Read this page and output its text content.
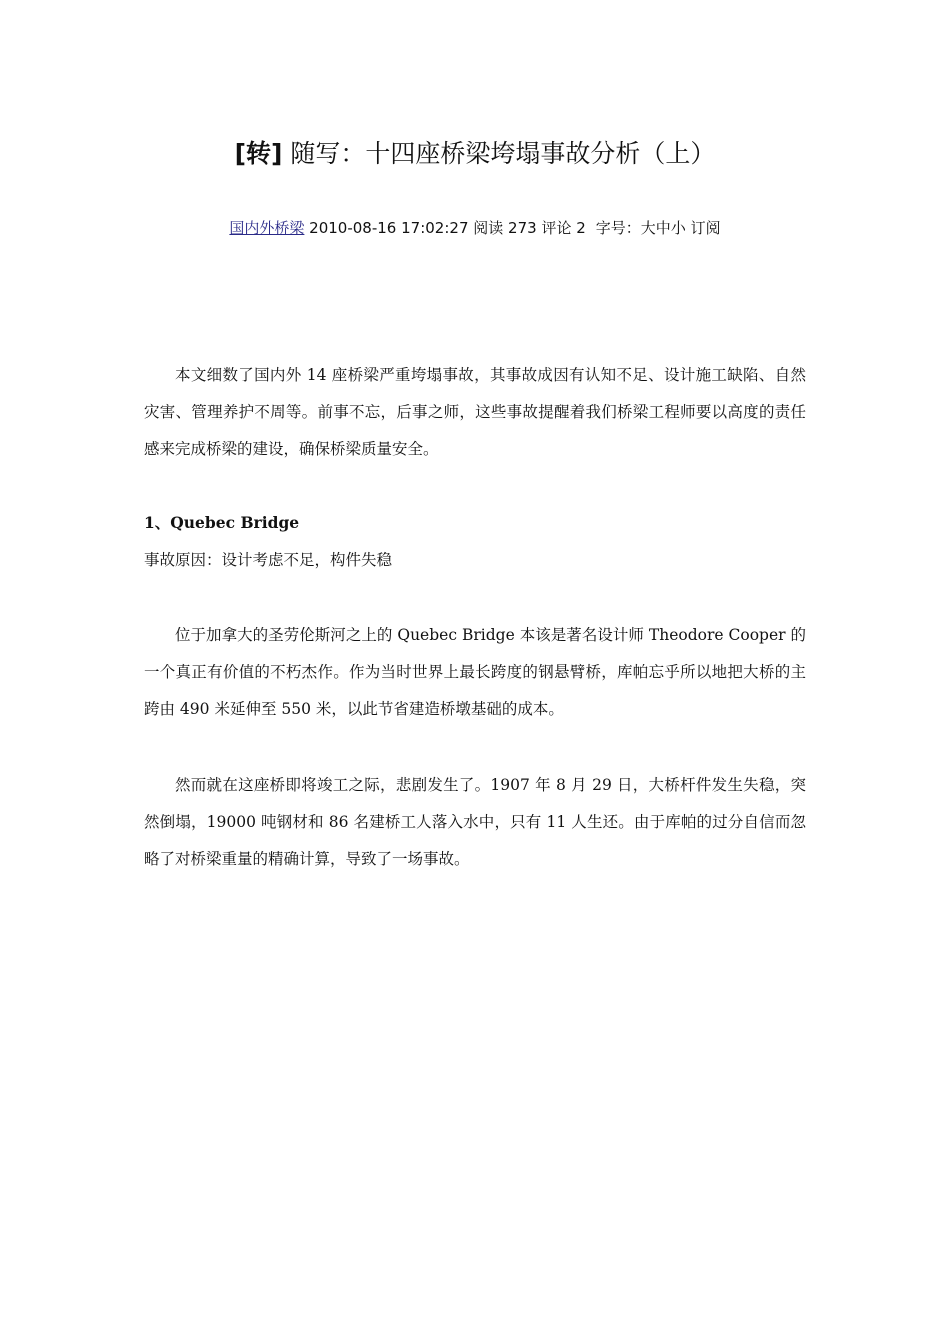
[转] 随写：十四座桥梁垮塌事故分析（上）
国内外桥梁 2010-08-16 17:02:27 阅读 273 评论 2 字号：大中小 订阅

本文细数了国内外 14 座桥梁严重垮塌事故，其事故成因有认知不足、设计施工缺陷、自然灾害、管理养护不周等。前事不忘，后事之师，这些事故提醒着我们桥梁工程师要以高度的责任感来完成桥梁的建设，确保桥梁质量安全。

1、Quebec Bridge
事故原因：设计考虑不足，构件失稳

位于加拿大的圣劳伦斯河之上的 Quebec Bridge 本该是著名设计师 Theodore Cooper 的一个真正有价值的不朽杰作。作为当时世界上最长跨度的钢悬臂桥，库帕忘乎所以地把大桥的主跨由 490 米延伸至 550 米，以此节省建造桥墩基础的成本。

然而就在这座桥即将竣工之际，悲剧发生了。1907 年 8 月 29 日，大桥杆件发生失稳，突然倒塌，19000 吨钢材和 86 名建桥工人落入水中，只有 11 人生还。由于库帕的过分自信而忽略了对桥梁重量的精确计算，导致了一场事故。
